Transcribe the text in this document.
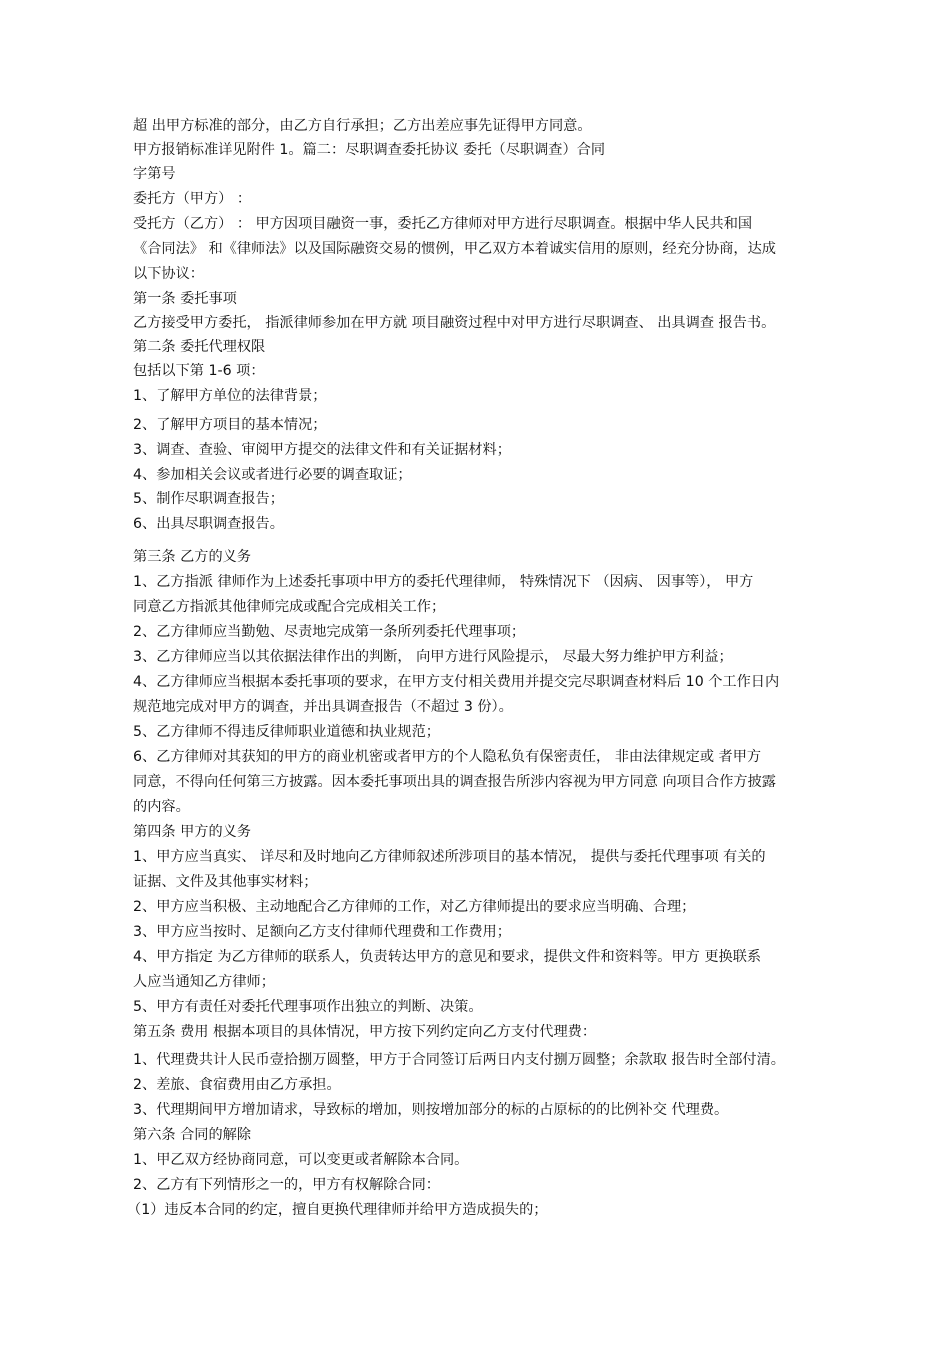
超 出甲方标准的部分，由乙方自行承担；乙方出差应事先证得甲方同意。
甲方报销标准详见附件 1。篇二：尽职调查委托协议 委托（尽职调查）合同
字第号
委托方（甲方） ：
受托方（乙方） ： 甲方因项目融资一事，委托乙方律师对甲方进行尽职调查。根据中华人民共和国
《合同法》 和《律师法》以及国际融资交易的惯例，甲乙双方本着诚实信用的原则，经充分协商，达成
以下协议：
第一条 委托事项
乙方接受甲方委托， 指派律师参加在甲方就 项目融资过程中对甲方进行尽职调查、 出具调查 报告书。
第二条 委托代理权限
包括以下第 1-6 项：
1、了解甲方单位的法律背景；
2、了解甲方项目的基本情况；
3、调查、查验、审阅甲方提交的法律文件和有关证据材料；
4、参加相关会议或者进行必要的调查取证；
5、制作尽职调查报告；
6、出具尽职调查报告。
第三条 乙方的义务
1、乙方指派 律师作为上述委托事项中甲方的委托代理律师， 特殊情况下 （因病、 因事等）， 甲方
同意乙方指派其他律师完成或配合完成相关工作；
2、乙方律师应当勤勉、尽责地完成第一条所列委托代理事项；
3、乙方律师应当以其依据法律作出的判断， 向甲方进行风险提示， 尽最大努力维护甲方利益；
4、乙方律师应当根据本委托事项的要求，在甲方支付相关费用并提交完尽职调查材料后 10 个工作日内
规范地完成对甲方的调查，并出具调查报告（不超过 3 份）。
5、乙方律师不得违反律师职业道德和执业规范；
6、乙方律师对其获知的甲方的商业机密或者甲方的个人隐私负有保密责任， 非由法律规定或 者甲方
同意，不得向任何第三方披露。因本委托事项出具的调查报告所涉内容视为甲方同意 向项目合作方披露
的内容。
第四条 甲方的义务
1、甲方应当真实、 详尽和及时地向乙方律师叙述所涉项目的基本情况， 提供与委托代理事项 有关的
证据、文件及其他事实材料；
2、甲方应当积极、主动地配合乙方律师的工作，对乙方律师提出的要求应当明确、合理；
3、甲方应当按时、足额向乙方支付律师代理费和工作费用；
4、甲方指定 为乙方律师的联系人，负责转达甲方的意见和要求，提供文件和资料等。甲方 更换联系
人应当通知乙方律师；
5、甲方有责任对委托代理事项作出独立的判断、决策。
第五条 费用 根据本项目的具体情况，甲方按下列约定向乙方支付代理费：
1、代理费共计人民币壹拾捌万圆整，甲方于合同签订后两日内支付捌万圆整；余款取 报告时全部付清。
2、差旅、食宿费用由乙方承担。
3、代理期间甲方增加请求，导致标的增加，则按增加部分的标的占原标的的比例补交 代理费。
第六条 合同的解除
1、甲乙双方经协商同意，可以变更或者解除本合同。
2、乙方有下列情形之一的，甲方有权解除合同：
（1）违反本合同的约定，擅自更换代理律师并给甲方造成损失的；
